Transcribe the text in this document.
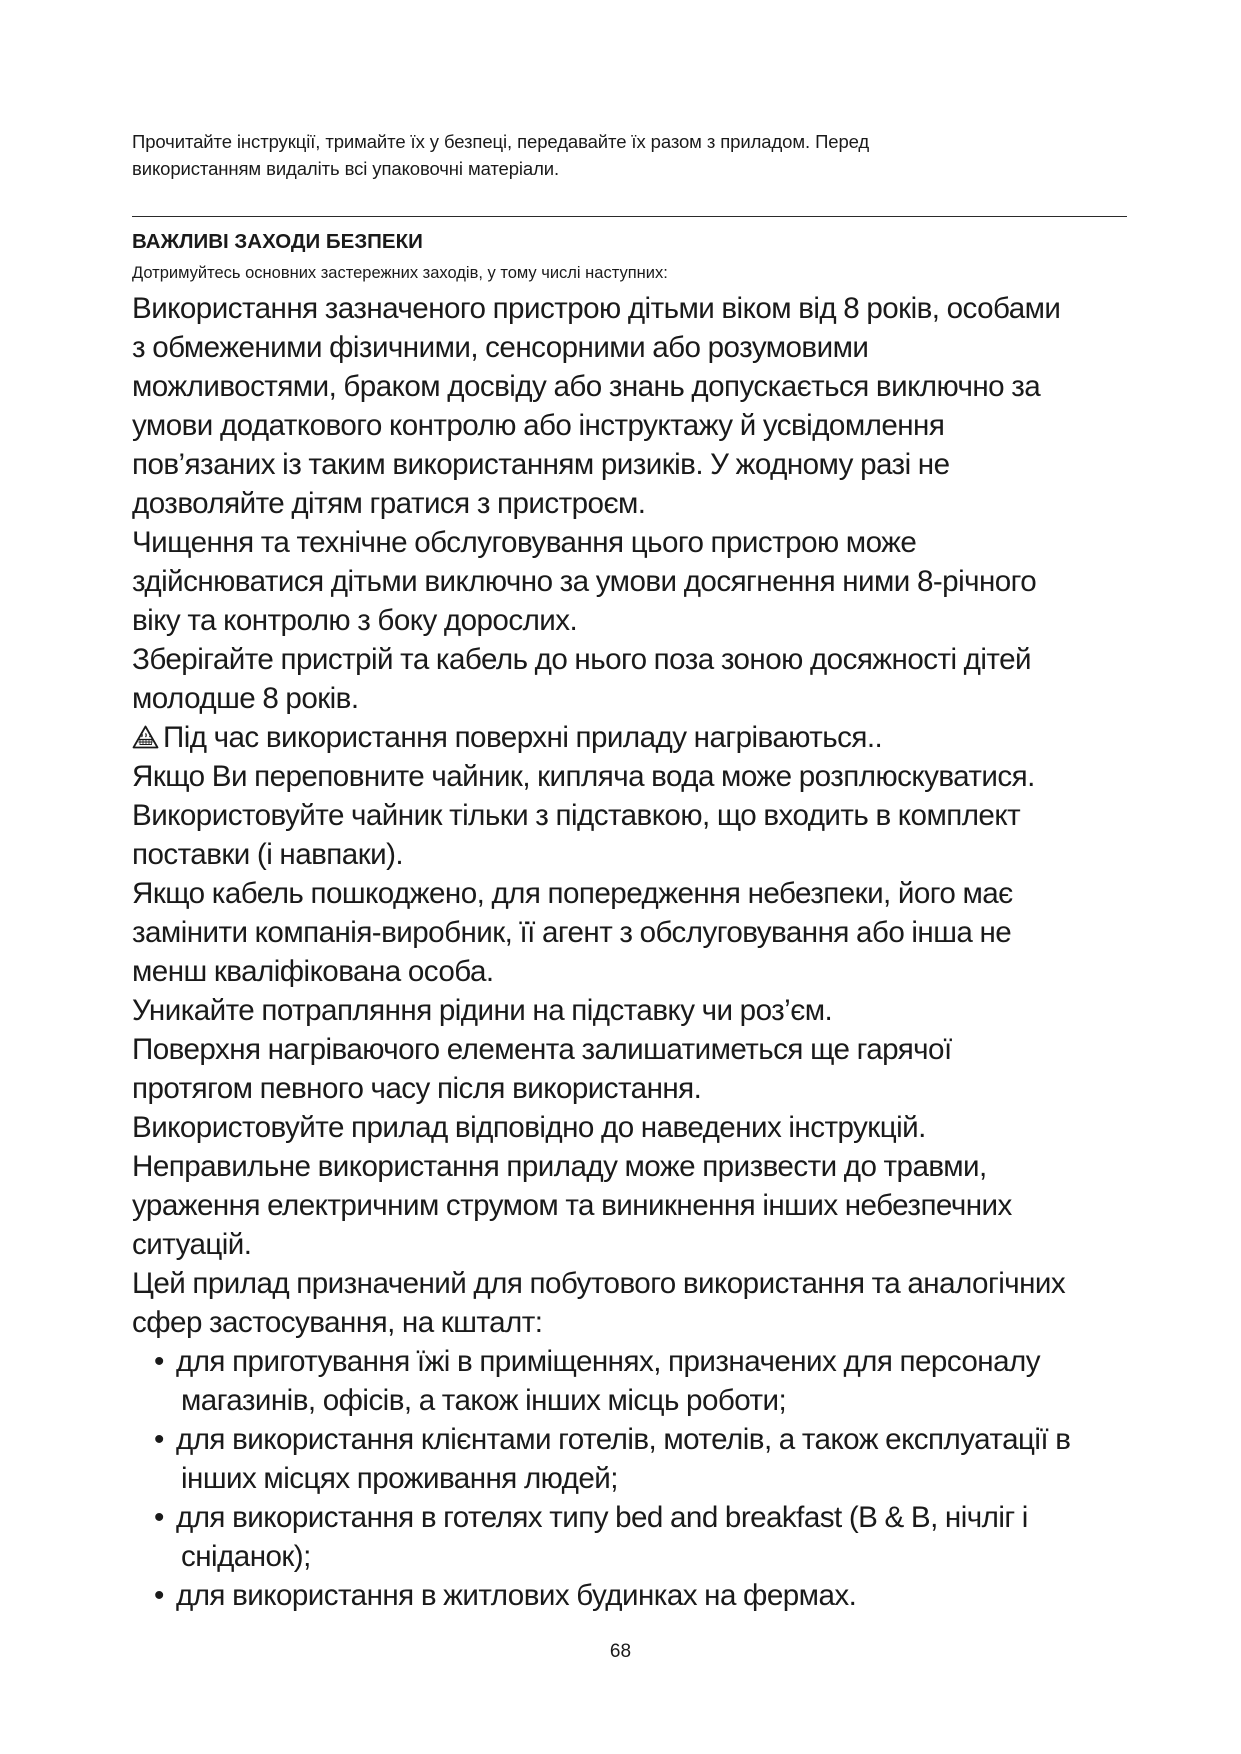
Прочитайте інструкції, тримайте їх у безпеці, передавайте їх разом з приладом. Перед
використанням видаліть всі упаковочні матеріали.

ВАЖЛИВІ ЗАХОДИ БЕЗПЕКИ

Дотримуйтесь основних застережних заходів, у тому числі наступних:

Використання зазначеного пристрою дітьми віком від 8 років, особами
з обмеженими фізичними, сенсорними або розумовими
можливостями, браком досвіду або знань допускається виключно за
умови додаткового контролю або інструктажу й усвідомлення
пов’язаних із таким використанням ризиків. У жодному разі не
дозволяйте дітям гратися з пристроєм.

Чищення та технічне обслуговування цього пристрою може
здійснюватися дітьми виключно за умови досягнення ними 8-річного
віку та контролю з боку дорослих.

Зберігайте пристрій та кабель до нього поза зоною досяжності дітей
молодше 8 років.

Під час використання поверхні приладу нагріваються..

Якщо Ви переповните чайник, кипляча вода може розплюскуватися.

Використовуйте чайник тільки з підставкою, що входить в комплект
поставки (і навпаки).

Якщо кабель пошкоджено, для попередження небезпеки, його має
замінити компанія-виробник, її агент з обслуговування або інша не
менш кваліфікована особа.

Уникайте потрапляння рідини на підставку чи роз’єм.

Поверхня нагріваючого елемента залишатиметься ще гарячої
протягом певного часу після використання.

Використовуйте прилад відповідно до наведених інструкцій.

Неправильне використання приладу може призвести до травми,
ураження електричним струмом та виникнення інших небезпечних
ситуацій.

Цей прилад призначений для побутового використання та аналогічних
сфер застосування, на кшталт:

• для приготування їжі в приміщеннях, призначених для персоналу
магазинів, офісів, а також інших місць роботи;
• для використання клієнтами готелів, мотелів, а також експлуатації в
інших місцях проживання людей;
• для використання в готелях типу bed and breakfast (B & B, нічліг і
сніданок);
• для використання в житлових будинках на фермах.
68
